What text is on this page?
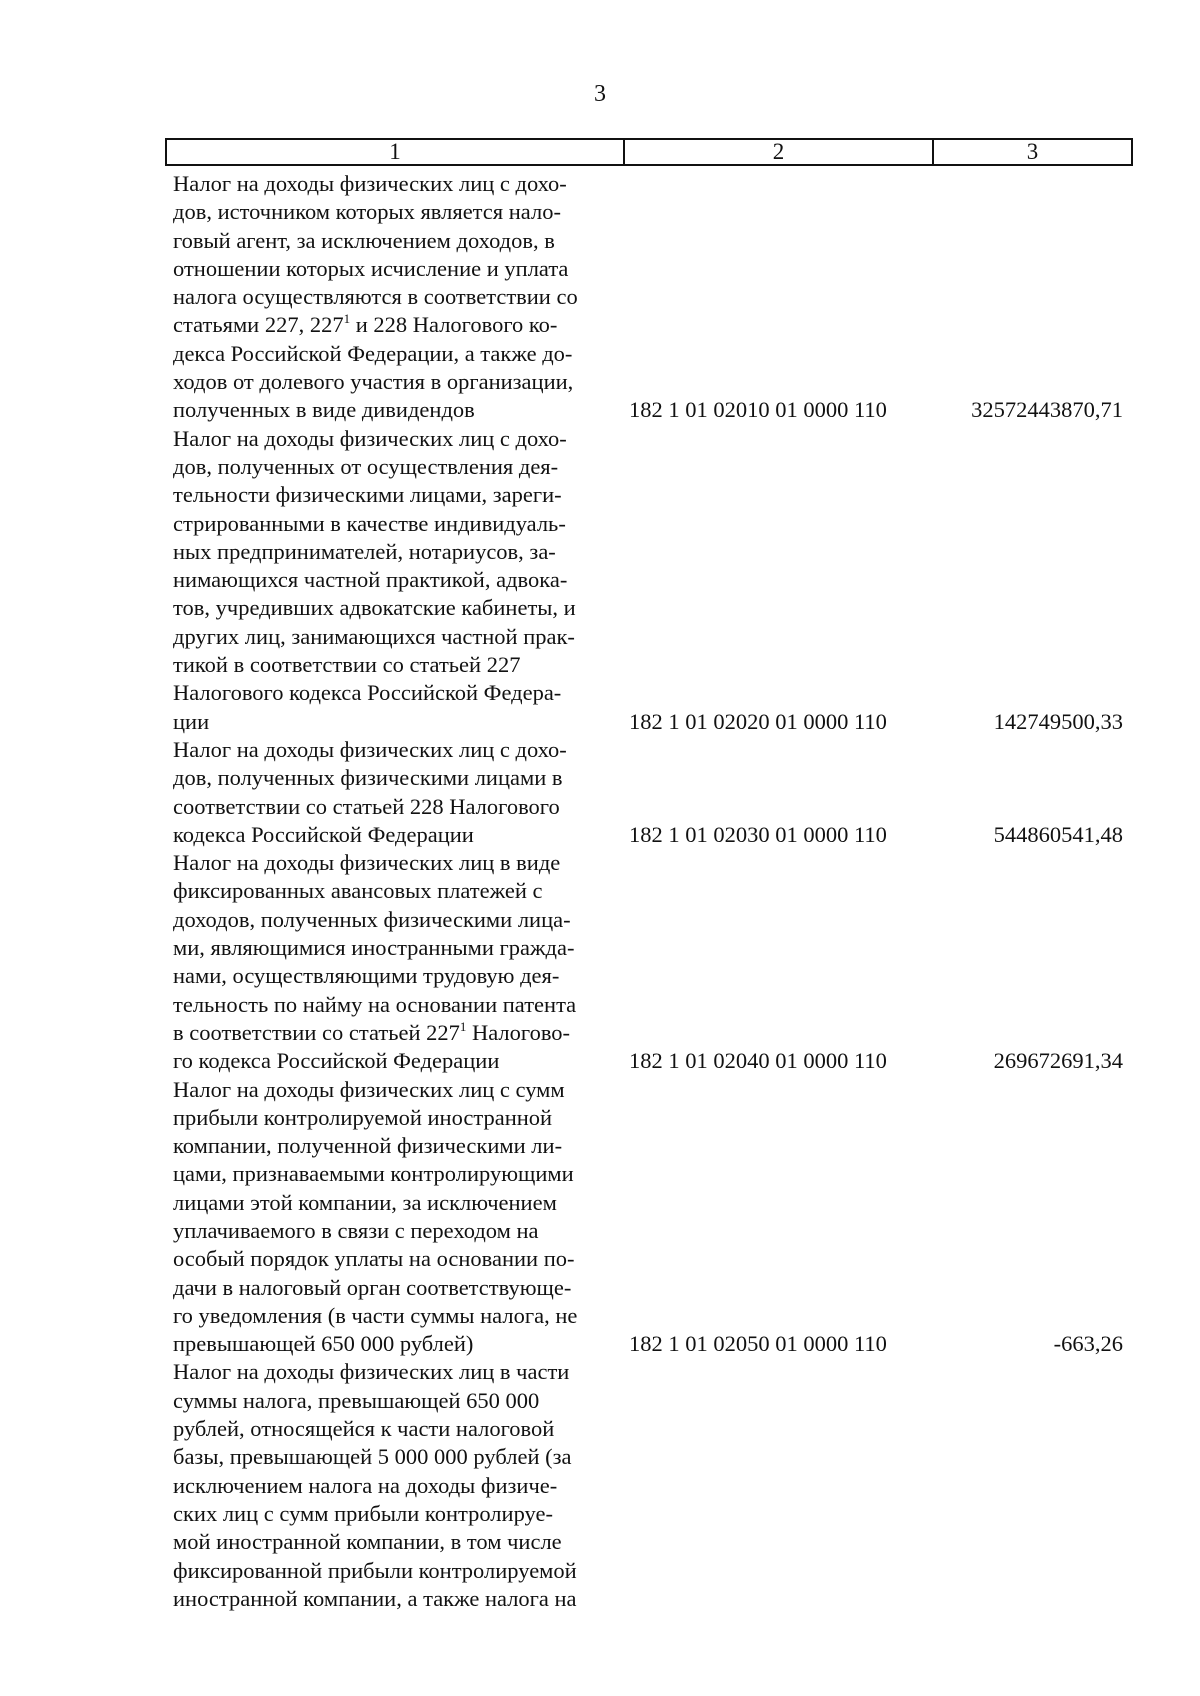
3
1	2	3
Налог на доходы физических лиц с дохо-
дов, источником которых является нало-
говый агент, за исключением доходов, в
отношении которых исчисление и уплата
налога осуществляются в соответствии со
статьями 227, $227^1$ и 228 Налогового ко-
декса Российской Федерации, а также до-
ходов от долевого участия в организации,
полученных в виде дивидендов	182 1 01 02010 01 0000 110	32572443870,71
Налог на доходы физических лиц с дохо-
дов, полученных от осуществления дея-
тельности физическими лицами, зареги-
стрированными в качестве индивидуаль-
ных предпринимателей, нотариусов, за-
нимающихся частной практикой, адвока-
тов, учредивших адвокатские кабинеты, и
других лиц, занимающихся частной прак-
тикой в соответствии со статьей 227
Налогового кодекса Российской Федера-
ции	182 1 01 02020 01 0000 110	142749500,33
Налог на доходы физических лиц с дохо-
дов, полученных физическими лицами в
соответствии со статьей 228 Налогового
кодекса Российской Федерации	182 1 01 02030 01 0000 110	544860541,48
Налог на доходы физических лиц в виде
фиксированных авансовых платежей с
доходов, полученных физическими лица-
ми, являющимися иностранными гражда-
нами, осуществляющими трудовую дея-
тельность по найму на основании патента
в соответствии со статьей $227^1$ Налогово-
го кодекса Российской Федерации	182 1 01 02040 01 0000 110	269672691,34
Налог на доходы физических лиц с сумм
прибыли контролируемой иностранной
компании, полученной физическими ли-
цами, признаваемыми контролирующими
лицами этой компании, за исключением
уплачиваемого в связи с переходом на
особый порядок уплаты на основании по-
дачи в налоговый орган соответствующе-
го уведомления (в части суммы налога, не
превышающей 650 000 рублей)	182 1 01 02050 01 0000 110	-663,26
Налог на доходы физических лиц в части
суммы налога, превышающей 650 000
рублей, относящейся к части налоговой
базы, превышающей 5 000 000 рублей (за
исключением налога на доходы физиче-
ских лиц с сумм прибыли контролируе-
мой иностранной компании, в том числе
фиксированной прибыли контролируемой
иностранной компании, а также налога на
